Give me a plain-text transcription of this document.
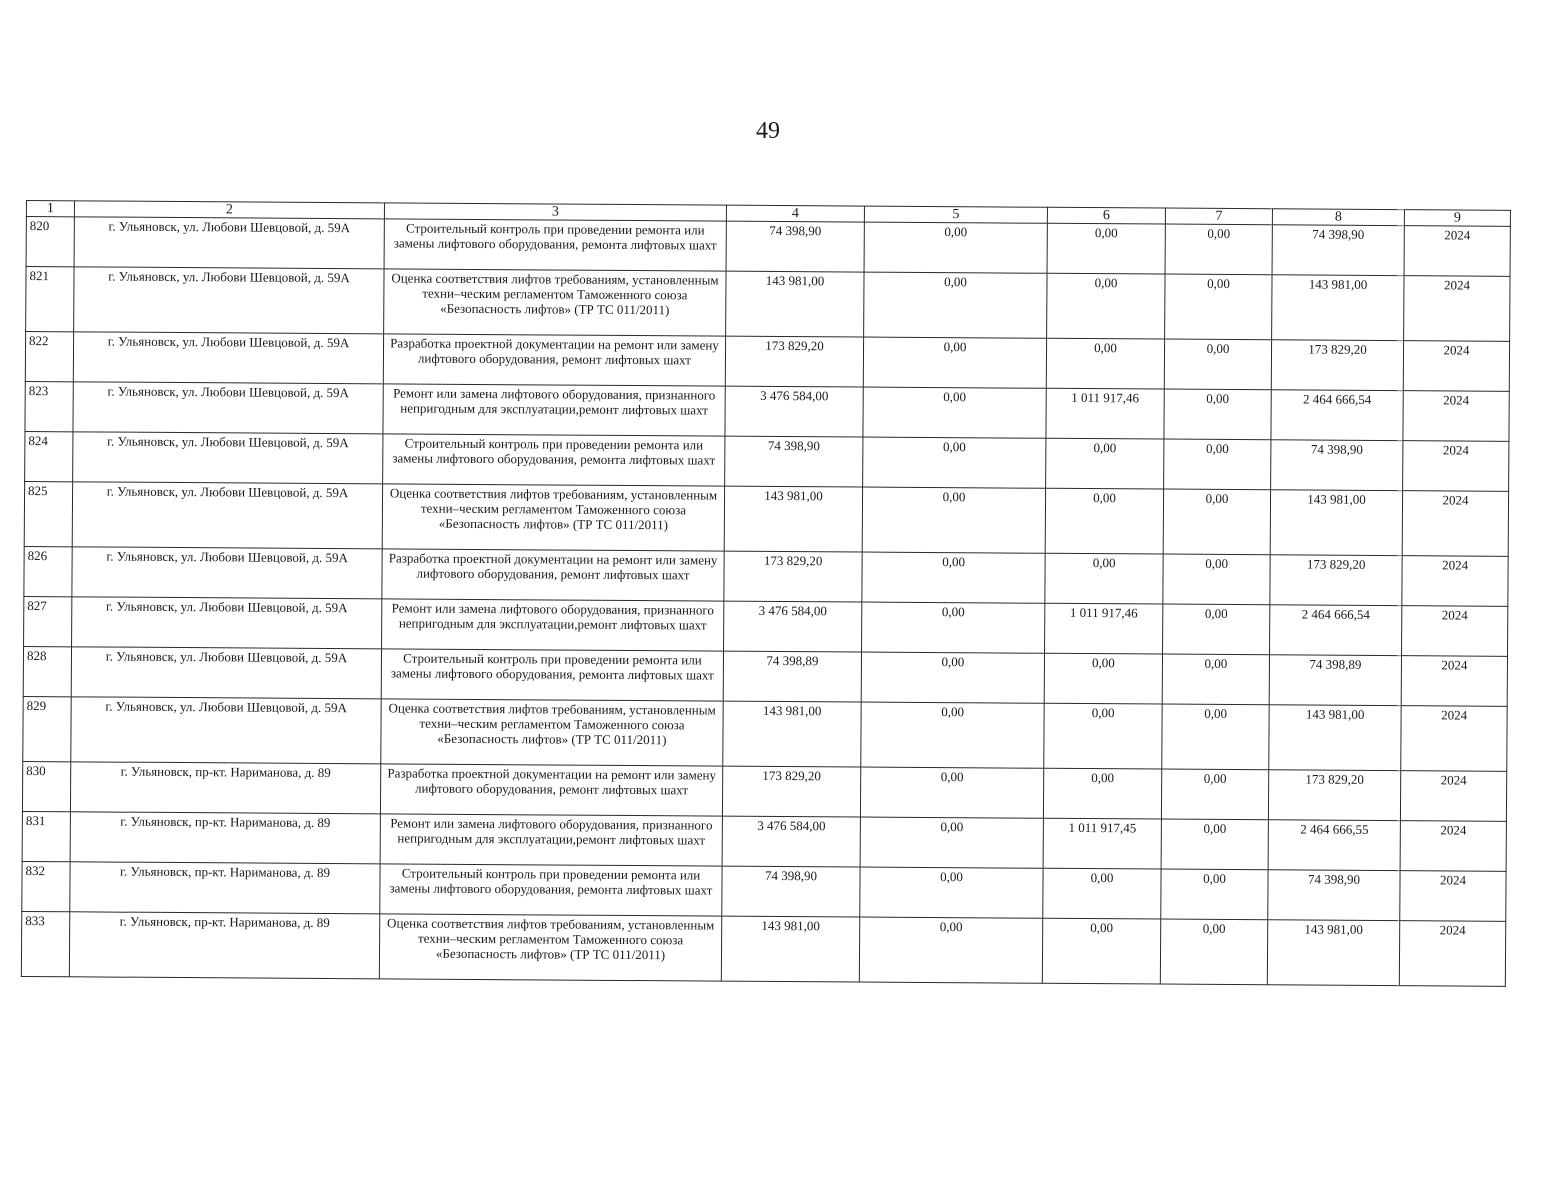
49
1	2	3	4	5	6	7	8	9
820	г. Ульяновск, ул. Любови Шевцовой, д. 59А	Строительный контроль при проведении ремонта или замены лифтового оборудования, ремонта лифтовых шахт	74 398,90	0,00	0,00	0,00	74 398,90	2024
821	г. Ульяновск, ул. Любови Шевцовой, д. 59А	Оценка соответствия лифтов требованиям, установленным техни–ческим регламентом Таможенного союза «Безопасность лифтов» (ТР ТС 011/2011)	143 981,00	0,00	0,00	0,00	143 981,00	2024
822	г. Ульяновск, ул. Любови Шевцовой, д. 59А	Разработка проектной документации на ремонт или замену лифтового оборудования, ремонт лифтовых шахт	173 829,20	0,00	0,00	0,00	173 829,20	2024
823	г. Ульяновск, ул. Любови Шевцовой, д. 59А	Ремонт или замена лифтового оборудования, признанного непригодным для эксплуатации,ремонт лифтовых шахт	3 476 584,00	0,00	1 011 917,46	0,00	2 464 666,54	2024
824	г. Ульяновск, ул. Любови Шевцовой, д. 59А	Строительный контроль при проведении ремонта или замены лифтового оборудования, ремонта лифтовых шахт	74 398,90	0,00	0,00	0,00	74 398,90	2024
825	г. Ульяновск, ул. Любови Шевцовой, д. 59А	Оценка соответствия лифтов требованиям, установленным техни–ческим регламентом Таможенного союза «Безопасность лифтов» (ТР ТС 011/2011)	143 981,00	0,00	0,00	0,00	143 981,00	2024
826	г. Ульяновск, ул. Любови Шевцовой, д. 59А	Разработка проектной документации на ремонт или замену лифтового оборудования, ремонт лифтовых шахт	173 829,20	0,00	0,00	0,00	173 829,20	2024
827	г. Ульяновск, ул. Любови Шевцовой, д. 59А	Ремонт или замена лифтового оборудования, признанного непригодным для эксплуатации,ремонт лифтовых шахт	3 476 584,00	0,00	1 011 917,46	0,00	2 464 666,54	2024
828	г. Ульяновск, ул. Любови Шевцовой, д. 59А	Строительный контроль при проведении ремонта или замены лифтового оборудования, ремонта лифтовых шахт	74 398,89	0,00	0,00	0,00	74 398,89	2024
829	г. Ульяновск, ул. Любови Шевцовой, д. 59А	Оценка соответствия лифтов требованиям, установленным техни–ческим регламентом Таможенного союза «Безопасность лифтов» (ТР ТС 011/2011)	143 981,00	0,00	0,00	0,00	143 981,00	2024
830	г. Ульяновск, пр-кт. Нариманова, д. 89	Разработка проектной документации на ремонт или замену лифтового оборудования, ремонт лифтовых шахт	173 829,20	0,00	0,00	0,00	173 829,20	2024
831	г. Ульяновск, пр-кт. Нариманова, д. 89	Ремонт или замена лифтового оборудования, признанного непригодным для эксплуатации,ремонт лифтовых шахт	3 476 584,00	0,00	1 011 917,45	0,00	2 464 666,55	2024
832	г. Ульяновск, пр-кт. Нариманова, д. 89	Строительный контроль при проведении ремонта или замены лифтового оборудования, ремонта лифтовых шахт	74 398,90	0,00	0,00	0,00	74 398,90	2024
833	г. Ульяновск, пр-кт. Нариманова, д. 89	Оценка соответствия лифтов требованиям, установленным техни–ческим регламентом Таможенного союза «Безопасность лифтов» (ТР ТС 011/2011)	143 981,00	0,00	0,00	0,00	143 981,00	2024
